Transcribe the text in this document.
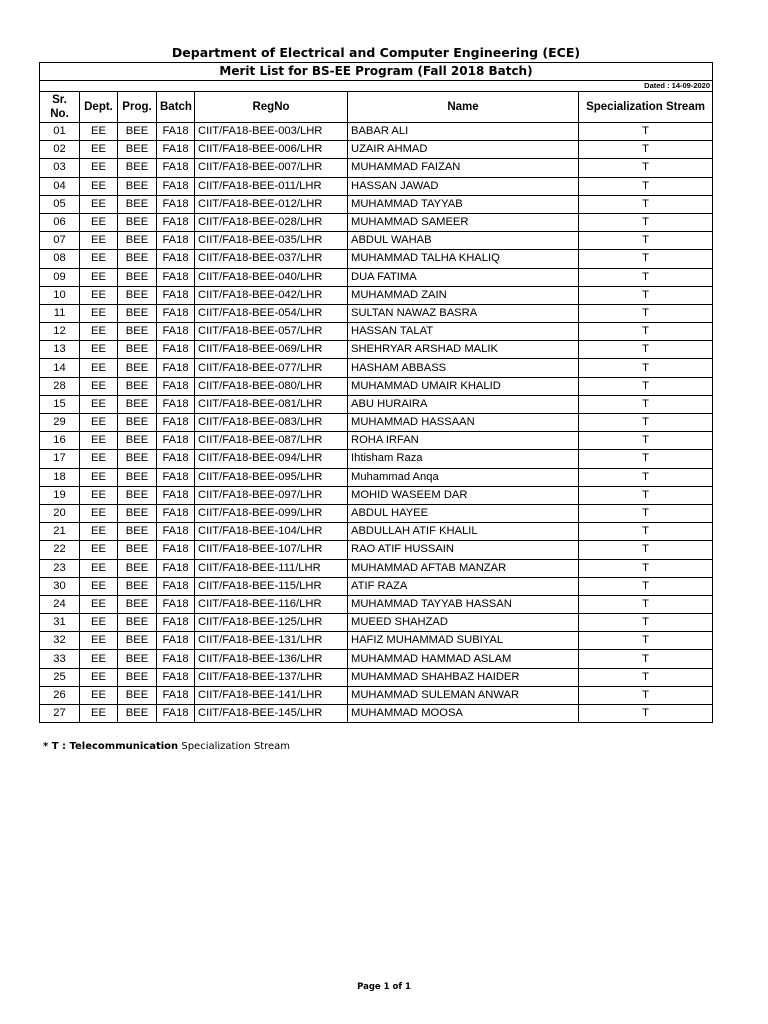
Department of Electrical and Computer Engineering (ECE)
Merit List for BS-EE Program (Fall 2018 Batch)						
Dated : 14-09-2020						
Sr. No.	Dept.	Prog.	Batch	RegNo	Name	Specialization Stream
01	EE	BEE	FA18	CIIT/FA18-BEE-003/LHR	BABAR ALI	T
02	EE	BEE	FA18	CIIT/FA18-BEE-006/LHR	UZAIR AHMAD	T
03	EE	BEE	FA18	CIIT/FA18-BEE-007/LHR	MUHAMMAD FAIZAN	T
04	EE	BEE	FA18	CIIT/FA18-BEE-011/LHR	HASSAN JAWAD	T
05	EE	BEE	FA18	CIIT/FA18-BEE-012/LHR	MUHAMMAD TAYYAB	T
06	EE	BEE	FA18	CIIT/FA18-BEE-028/LHR	MUHAMMAD SAMEER	T
07	EE	BEE	FA18	CIIT/FA18-BEE-035/LHR	ABDUL WAHAB	T
08	EE	BEE	FA18	CIIT/FA18-BEE-037/LHR	MUHAMMAD TALHA KHALIQ	T
09	EE	BEE	FA18	CIIT/FA18-BEE-040/LHR	DUA FATIMA	T
10	EE	BEE	FA18	CIIT/FA18-BEE-042/LHR	MUHAMMAD ZAIN	T
11	EE	BEE	FA18	CIIT/FA18-BEE-054/LHR	SULTAN NAWAZ BASRA	T
12	EE	BEE	FA18	CIIT/FA18-BEE-057/LHR	HASSAN TALAT	T
13	EE	BEE	FA18	CIIT/FA18-BEE-069/LHR	SHEHRYAR ARSHAD MALIK	T
14	EE	BEE	FA18	CIIT/FA18-BEE-077/LHR	HASHAM ABBASS	T
28	EE	BEE	FA18	CIIT/FA18-BEE-080/LHR	MUHAMMAD UMAIR KHALID	T
15	EE	BEE	FA18	CIIT/FA18-BEE-081/LHR	ABU HURAIRA	T
29	EE	BEE	FA18	CIIT/FA18-BEE-083/LHR	MUHAMMAD HASSAAN	T
16	EE	BEE	FA18	CIIT/FA18-BEE-087/LHR	ROHA IRFAN	T
17	EE	BEE	FA18	CIIT/FA18-BEE-094/LHR	Ihtisham Raza	T
18	EE	BEE	FA18	CIIT/FA18-BEE-095/LHR	Muhammad Anqa	T
19	EE	BEE	FA18	CIIT/FA18-BEE-097/LHR	MOHID WASEEM DAR	T
20	EE	BEE	FA18	CIIT/FA18-BEE-099/LHR	ABDUL HAYEE	T
21	EE	BEE	FA18	CIIT/FA18-BEE-104/LHR	ABDULLAH ATIF KHALIL	T
22	EE	BEE	FA18	CIIT/FA18-BEE-107/LHR	RAO ATIF HUSSAIN	T
23	EE	BEE	FA18	CIIT/FA18-BEE-111/LHR	MUHAMMAD AFTAB MANZAR	T
30	EE	BEE	FA18	CIIT/FA18-BEE-115/LHR	ATIF RAZA	T
24	EE	BEE	FA18	CIIT/FA18-BEE-116/LHR	MUHAMMAD TAYYAB HASSAN	T
31	EE	BEE	FA18	CIIT/FA18-BEE-125/LHR	MUEED SHAHZAD	T
32	EE	BEE	FA18	CIIT/FA18-BEE-131/LHR	HAFIZ MUHAMMAD SUBIYAL	T
33	EE	BEE	FA18	CIIT/FA18-BEE-136/LHR	MUHAMMAD HAMMAD ASLAM	T
25	EE	BEE	FA18	CIIT/FA18-BEE-137/LHR	MUHAMMAD SHAHBAZ HAIDER	T
26	EE	BEE	FA18	CIIT/FA18-BEE-141/LHR	MUHAMMAD SULEMAN ANWAR	T
27	EE	BEE	FA18	CIIT/FA18-BEE-145/LHR	MUHAMMAD MOOSA	T
* T : Telecommunication Specialization Stream
Page 1 of 1
